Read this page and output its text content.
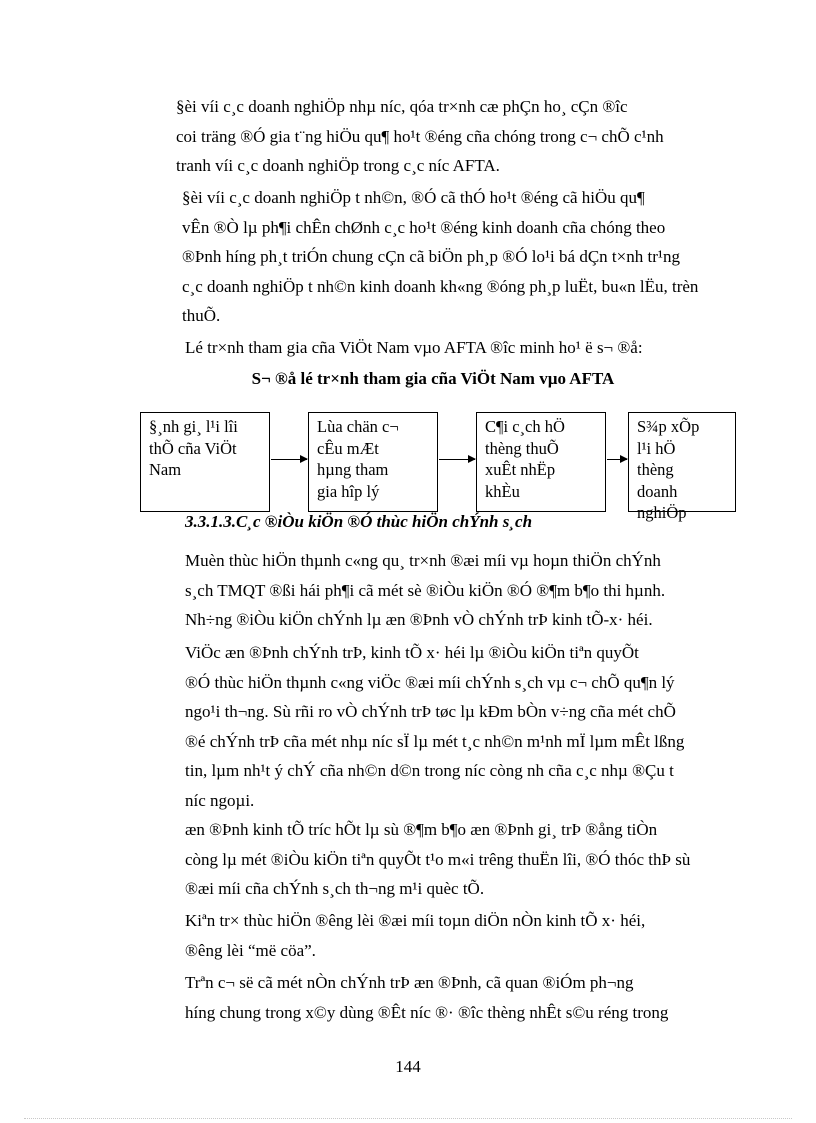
§èi víi c¸c doanh nghiÖp nhµ níc, qóa tr×nh cæ phÇn ho¸ cÇn ®îc
coi träng ®Ó gia t¨ng hiÖu qu¶ ho¹t ®éng cña chóng trong c¬ chÕ c¹nh
tranh víi c¸c doanh nghiÖp trong c¸c níc AFTA.

§èi víi c¸c doanh nghiÖp t nh©n, ®Ó cã thÓ ho¹t ®éng cã hiÖu qu¶
vÊn ®Ò lµ ph¶i chÊn chØnh c¸c ho¹t ®éng kinh doanh cña chóng theo
®Þnh híng ph¸t triÓn chung cÇn cã biÖn ph¸p ®Ó lo¹i bá dÇn t×nh tr¹ng
c¸c doanh nghiÖp t nh©n kinh doanh kh«ng ®óng ph¸p luËt, bu«n lËu, trèn
thuÕ.

Lé tr×nh tham gia cña ViÖt Nam vµo AFTA ®îc minh ho¹ ë s¬ ®å:

S¬ ®å lé tr×nh tham gia cña ViÖt Nam vµo AFTA

§¸nh gi¸ l¹i lîi
thÕ cña ViÖt
Nam
Lùa chän c¬
cÊu mÆt
hµng tham
gia hîp lý
C¶i c¸ch hÖ
thèng thuÕ
xuÊt nhËp
khÈu
S¾p xÕp
l¹i hÖ
thèng
doanh
nghiÖp

3.3.1.3.C¸c ®iÒu kiÖn ®Ó thùc hiÖn chÝnh s¸ch

Muèn thùc hiÖn thµnh c«ng qu¸ tr×nh ®æi míi vµ hoµn thiÖn chÝnh
s¸ch TMQT ®ßi hái ph¶i cã mét sè ®iÒu kiÖn ®Ó ®¶m b¶o thi hµnh.
Nh÷ng ®iÒu kiÖn chÝnh lµ æn ®Þnh vÒ chÝnh trÞ kinh tÕ-x· héi.

ViÖc æn ®Þnh chÝnh trÞ, kinh tÕ x· héi lµ ®iÒu kiÖn tiªn quyÕt
®Ó thùc hiÖn thµnh c«ng viÖc ®æi míi chÝnh s¸ch vµ c¬ chÕ qu¶n lý
ngo¹i th¬ng. Sù rñi ro vÒ chÝnh trÞ tøc lµ kÐm bÒn v÷ng cña mét chÕ
®é chÝnh trÞ cña mét nhµ níc sÏ lµ mét t¸c nh©n m¹nh mÏ lµm mÊt lßng
tin, lµm nh¹t ý chÝ cña nh©n d©n trong níc còng nh cña c¸c nhµ ®Çu t
níc ngoµi.

æn ®Þnh kinh tÕ tríc hÕt lµ sù ®¶m b¶o æn ®Þnh gi¸ trÞ ®ång tiÒn
còng lµ mét ®iÒu kiÖn tiªn quyÕt t¹o m«i trêng thuËn lîi, ®Ó thóc thÞ sù
®æi míi cña chÝnh s¸ch th¬ng m¹i quèc tÕ.

Kiªn tr× thùc hiÖn ®êng lèi ®æi míi toµn diÖn nÒn kinh tÕ x· héi,
®êng lèi “më cöa”.

Trªn c¬ së cã mét nÒn chÝnh trÞ æn ®Þnh, cã quan ®iÓm ph¬ng
híng chung trong x©y dùng ®Êt níc ®· ®îc thèng nhÊt s©u réng trong

144
